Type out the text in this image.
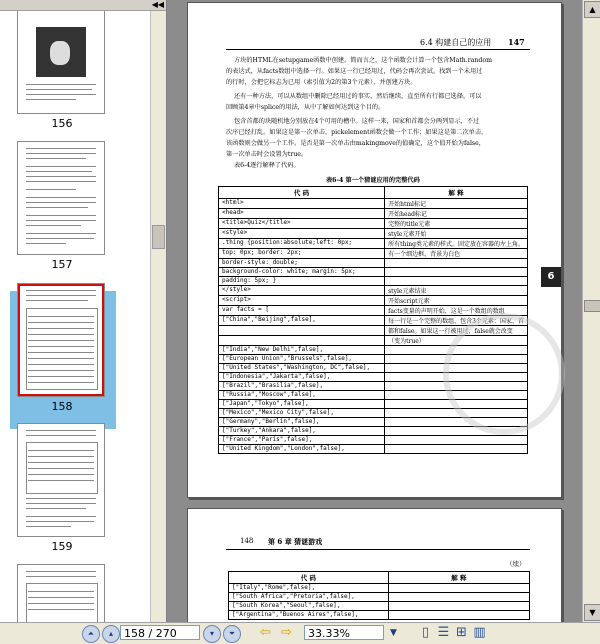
◀◀
156
157
158
159
6.4 构建自己的应用 147
方块的HTML在setupgame函数中创建。简而言之，这个函数会计算一个包含Math.random
的表达式，从facts数组中选择一行。如果这一行已经用过，代码会再次尝试。找到一个未用过
的行时，会把它标志为已用（索引值为2的第3个元素），并创建方块。
还有一种方法，可以从数组中删除已经用过的事实，然后继续，直至所有行都已选择。可以
回顾第4章中splice的用法，从中了解如何达到这个目的。
包含首都的块随机地分别放在4个可用的槽中。这样一来，国家和首都会分两列显示，不过
次序已经打乱。如果这是第一次单击，pickelement函数会做一个工作；如果这是第二次单击，
该函数则会做另一个工作。是否是第一次单击由makingmove的值确定，这个值开始为false，
第一次单击时会设置为true。
表6-4逐行解释了代码。
表6-4 第一个猜谜应用的完整代码
代 码	解 释
<html>	开始html标记
<head>	开始head标记
<title>Quiz</title>	完整的title元素
<style>	style元素开始
.thing {position:absolute;left: 0px;	所有thing类元素的样式。固定放在容器的左上角。
top: 0px; border: 2px;	有一个细边框，背景为白色
border-style: double;	
background-color: white; margin: 5px;	
padding: 5px; }	
</style>	style元素结束
<script>	开始script元素
var facts = [	facts变量的声明开始，这是一个数组的数组
["China","Beijing",false],	每一行是一个完整的数组，包含3个元素：国家、首
	都和false。如果这一行被用过，false就会改变
	（变为true）
["India","New Delhi",false],	
["European Union","Brussels",false],	
["United States","Washington, DC",false],	
["Indonesia","Jakarta",false],	
["Brazil","Brasilia",false],	
["Russia","Moscow",false],	
["Japan","Tokyo",false],	
["Mexico","Mexico City",false],	
["Germany","Berlin",false],	
["Turkey","Ankara",false],	
["France","Paris",false],	
["United Kingdom","London",false],	
6
148 第 6 章 猜谜游戏
（续）
代 码	解 释
["Italy","Rome",false],	
["South Africa","Pretoria",false],	
["South Korea","Seoul",false],	
["Argentina","Buenos Aires",false],	
▲
▼
⏶	▴	158 / 270	▾	⏷	⇦ ⇨	33.33%	▼	▯ ☰ ⊞ ▥
